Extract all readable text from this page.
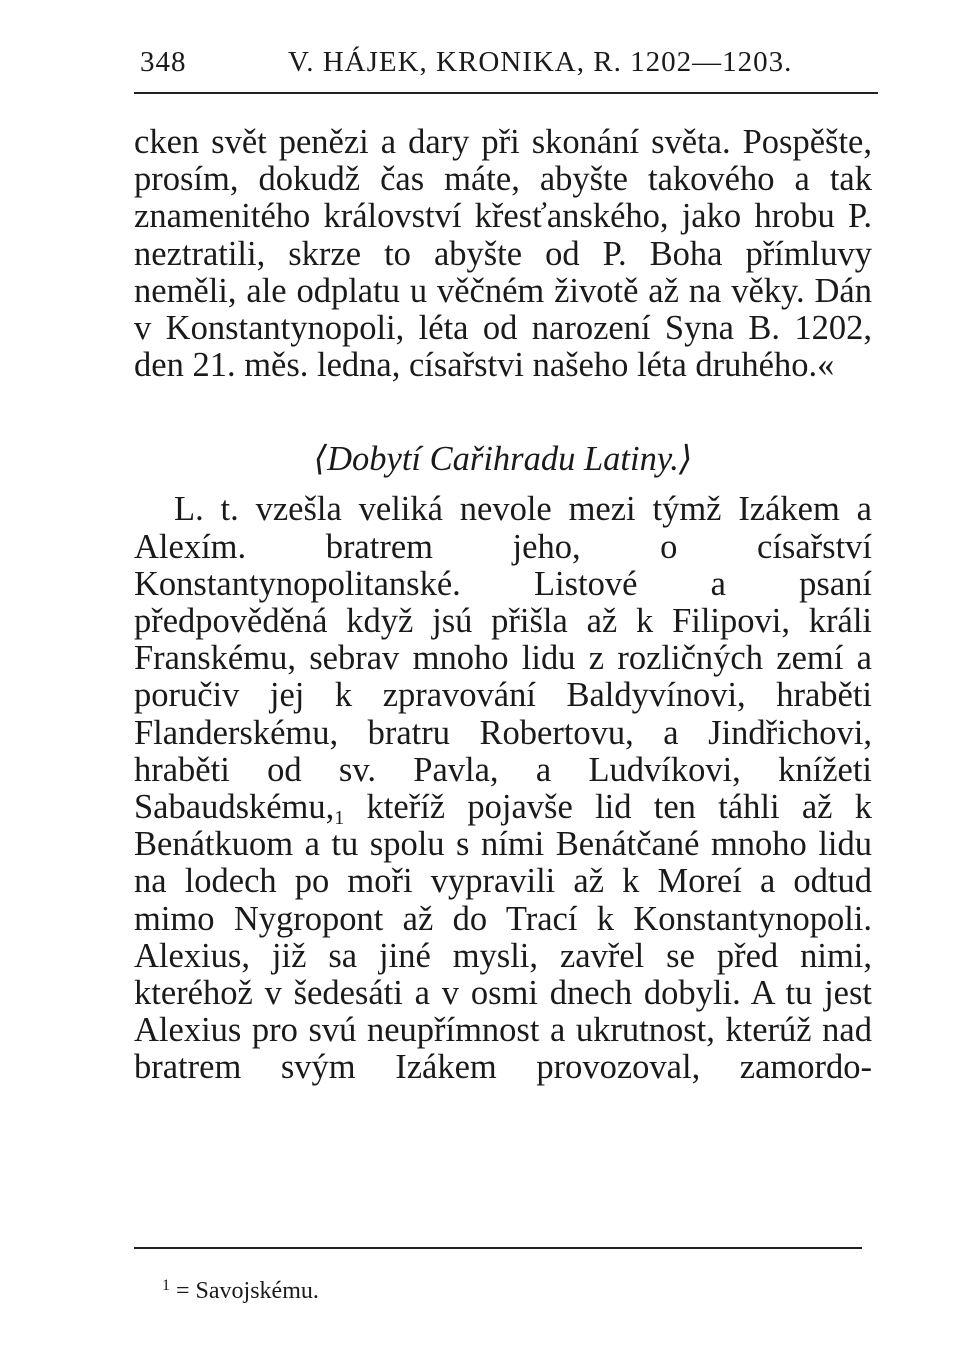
348	V. HÁJEK, KRONIKA, R. 1202—1203.

cken svět penězi a dary při skonání světa. Pospěšte, prosím, dokudž čas máte, abyšte takového a tak znamenitého království křesťanského, jako hrobu P. neztratili, skrze to abyšte od P. Boha přímluvy neměli, ale odplatu u věčném životě až na věky. Dán v Konstantynopoli, léta od narození Syna B. 1202, den 21. měs. ledna, císařstvi našeho léta druhého.«

⟨Dobytí Cařihradu Latiny.⟩

L. t. vzešla veliká nevole mezi týmž Izákem a Alexím. bratrem jeho, o císařství Konstantynopolitanské. Listové a psaní předpověděná když jsú přišla až k Filipovi, králi Franskému, sebrav mnoho lidu z rozličných zemí a poručiv jej k zpravování Baldyvínovi, hraběti Flanderskému, bratru Robertovu, a Jindřichovi, hraběti od sv. Pavla, a Ludvíkovi, knížeti Sabaudskému,1 kteříž pojavše lid ten táhli až k Benátkuom a tu spolu s ními Benátčané mnoho lidu na lodech po moři vypravili až k Moreí a odtud mimo Nygropont až do Trací k Konstantynopoli. Alexius, již sa jiné mysli, zavřel se před nimi, kteréhož v šedesáti a v osmi dnech dobyli. A tu jest Alexius pro svú neupřímnost a ukrutnost, kterúž nad bratrem svým Izákem provozoval, zamordo-

$^1$ = Savojskému.
